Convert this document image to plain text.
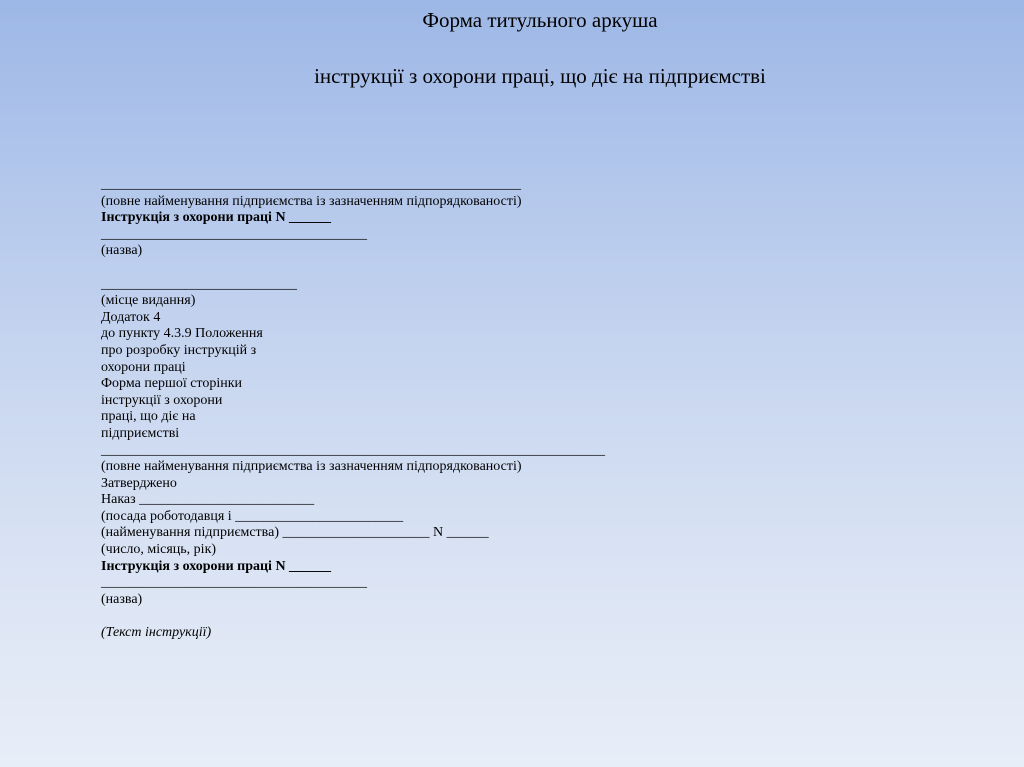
Форма титульного аркуша
інструкції з охорони праці, що діє на підприємстві
____________________________________________________________
(повне найменування підприємства із зазначенням підпорядкованості)
Інструкція з охорони праці N ______
______________________________________
(назва)
____________________________
(місце видання)
Додаток 4
до пункту 4.3.9 Положення
про розробку інструкцій з
охорони праці
Форма першої сторінки
інструкції з охорони
праці, що діє на
підприємстві
________________________________________________________________________
(повне найменування підприємства із зазначенням підпорядкованості)
Затверджено
Наказ _________________________
(посада роботодавця і ________________________
(найменування підприємства) _____________________ N ______
(число, місяць, рік)
Інструкція з охорони праці N ______
______________________________________
(назва)
(Текст інструкції)
